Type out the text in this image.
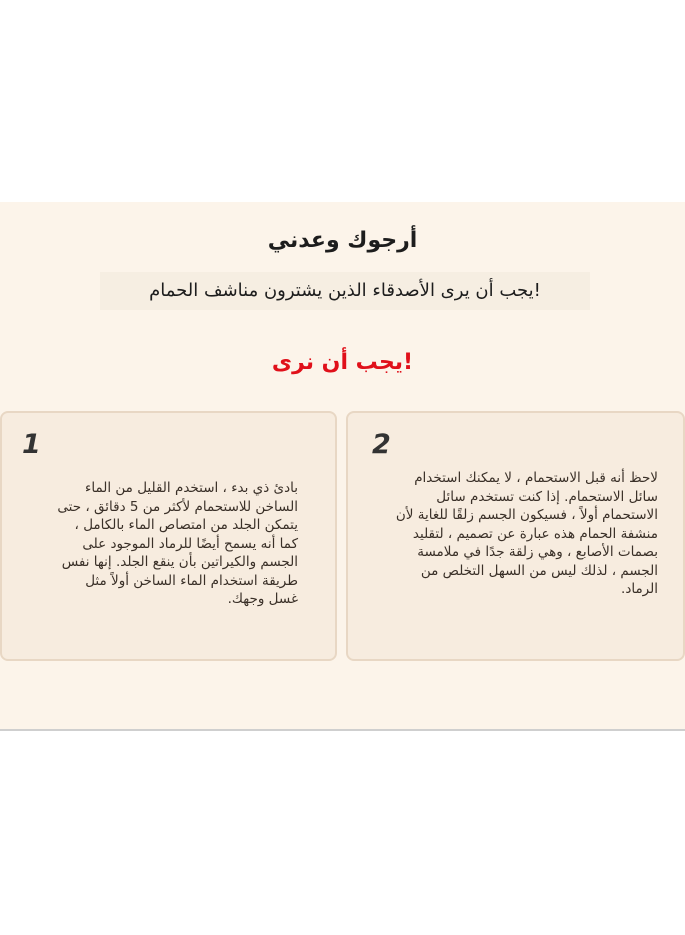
أرجوك وعدني
!يجب أن يرى الأصدقاء الذين يشترون مناشف الحمام
!يجب أن نرى
1
بادئ ذي بدء ، استخدم القليل من الماء الساخن للاستحمام لأكثر من 5 دقائق ، حتى يتمكن الجلد من امتصاص الماء بالكامل ، كما أنه يسمح أيضًا للرماد الموجود على الجسم والكيراتين بأن ينقع الجلد. إنها نفس طريقة استخدام الماء الساخن أولاً مثل غسل وجهك.
2
لاحظ أنه قبل الاستحمام ، لا يمكنك استخدام سائل الاستحمام. إذا كنت تستخدم سائل الاستحمام أولاً ، فسيكون الجسم زلقًا للغاية لأن منشفة الحمام هذه عبارة عن تصميم ، لتقليد بصمات الأصابع ، وهي زلقة جدًا في ملامسة الجسم ، لذلك ليس من السهل التخلص من الرماد.
